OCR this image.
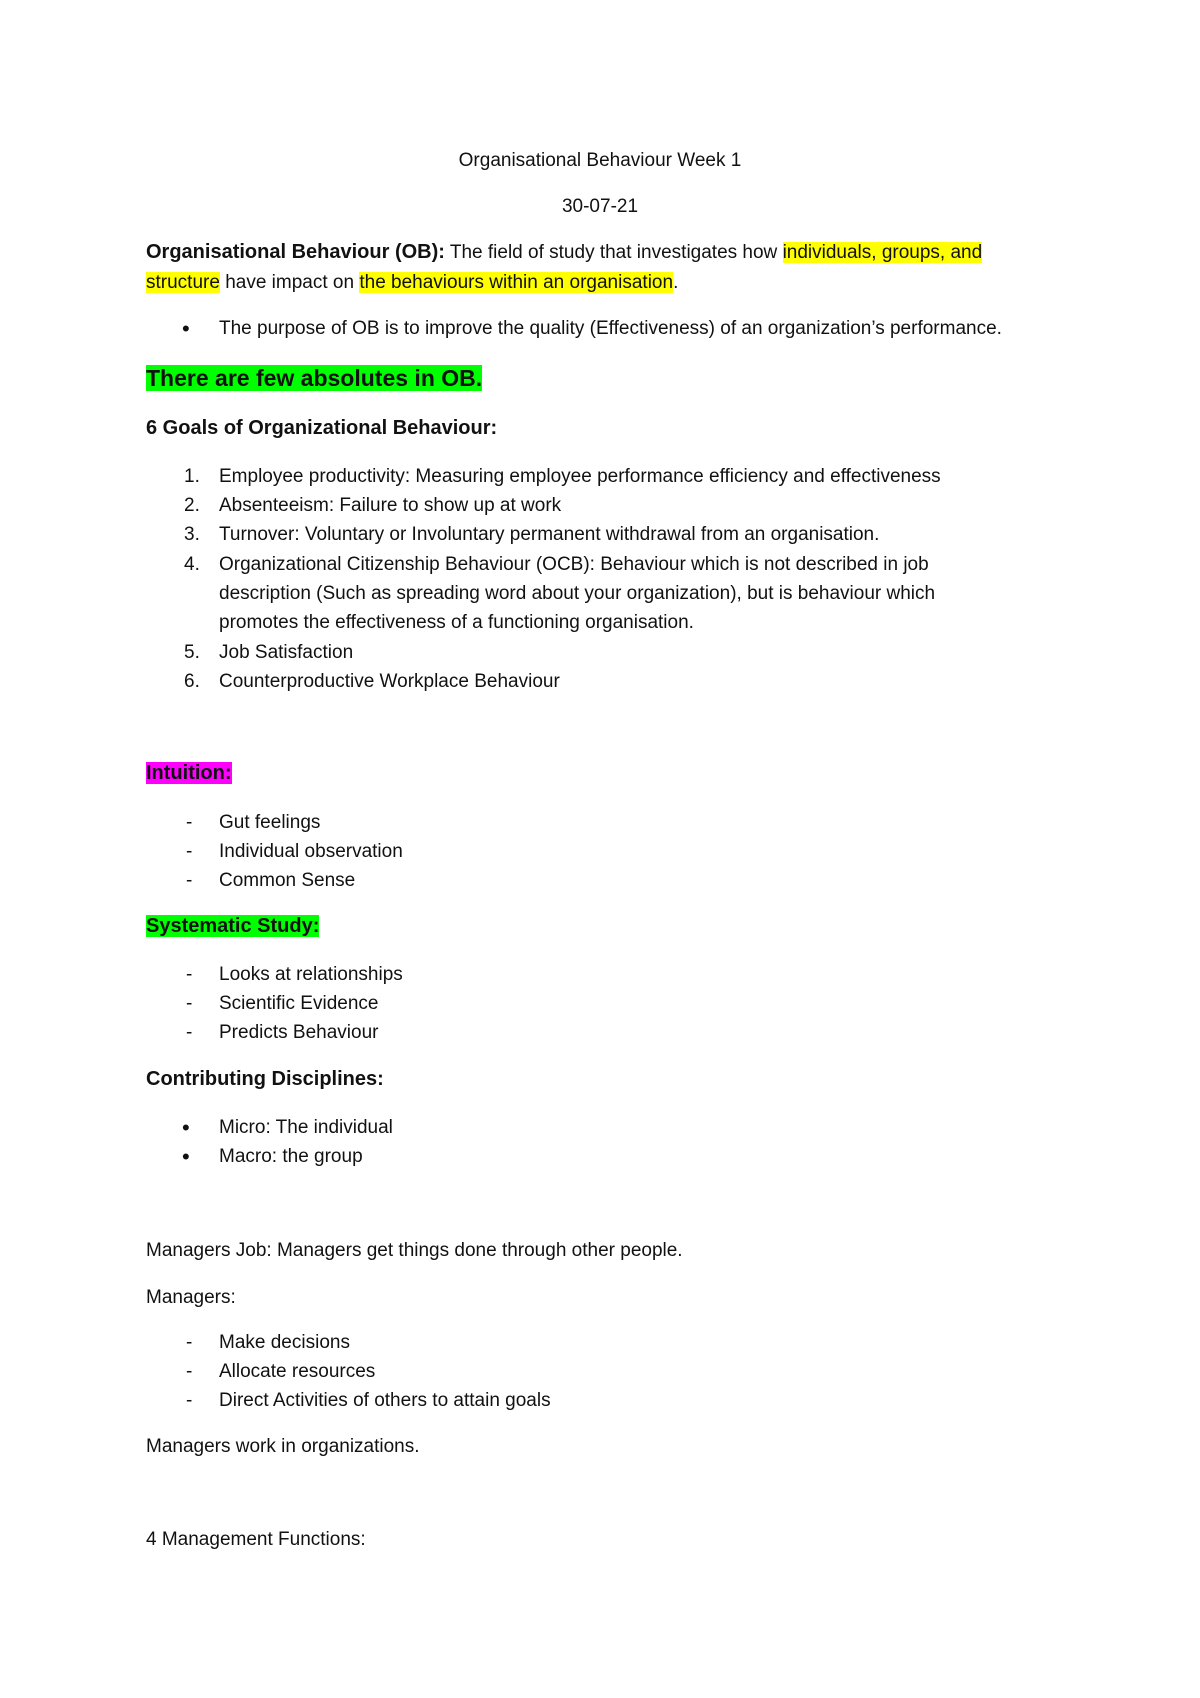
Organisational Behaviour Week 1
30-07-21
Organisational Behaviour (OB): The field of study that investigates how individuals, groups, and
structure have impact on the behaviours within an organisation.
•	The purpose of OB is to improve the quality (Effectiveness) of an organization’s performance.
There are few absolutes in OB.
6 Goals of Organizational Behaviour:
1.	Employee productivity: Measuring employee performance efficiency and effectiveness
2.	Absenteeism: Failure to show up at work
3.	Turnover: Voluntary or Involuntary permanent withdrawal from an organisation.
4.	Organizational Citizenship Behaviour (OCB): Behaviour which is not described in job
description (Such as spreading word about your organization), but is behaviour which
promotes the effectiveness of a functioning organisation.
5.	Job Satisfaction
6.	Counterproductive Workplace Behaviour
Intuition:
-	Gut feelings
-	Individual observation
-	Common Sense
Systematic Study:
-	Looks at relationships
-	Scientific Evidence
-	Predicts Behaviour
Contributing Disciplines:
•	Micro: The individual
•	Macro: the group
Managers Job: Managers get things done through other people.
Managers:
-	Make decisions
-	Allocate resources
-	Direct Activities of others to attain goals
Managers work in organizations.
4 Management Functions:
